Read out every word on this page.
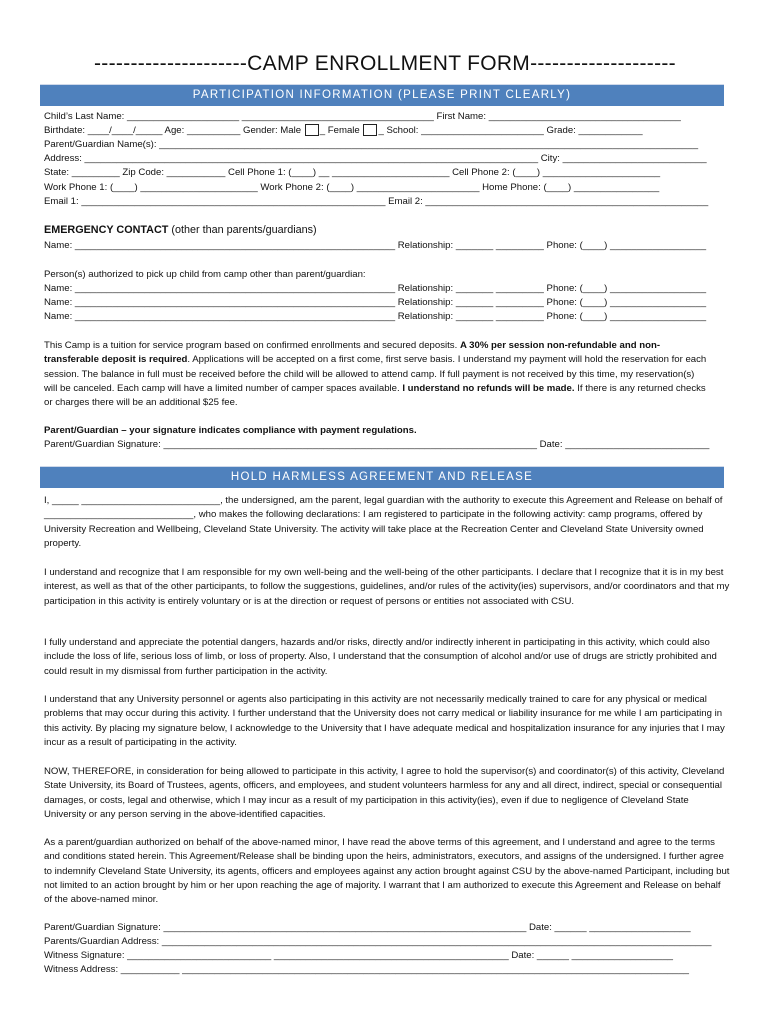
---------------------CAMP ENROLLMENT FORM--------------------
PARTICIPATION INFORMATION (PLEASE PRINT CLEARLY)
Child’s Last Name: _____________________ ____________________________________ First Name: ____________________________________
Birthdate: ____/____/_____ Age: __________ Gender: Male _ Female _ School: _______________________ Grade: ____________
Parent/Guardian Name(s): _____________________________________________________________________________________________________
Address: _____________________________________________________________________________________ City: ___________________________
State: _________ Zip Code: ___________ Cell Phone 1: (____) __ ______________________ Cell Phone 2: (____) ______________________
Work Phone 1: (____) ______________________ Work Phone 2: (____) _______________________ Home Phone: (____) ________________
Email 1: _________________________________________________________ Email 2: _____________________________________________________
EMERGENCY CONTACT (other than parents/guardians)
Name: ____________________________________________________________ Relationship: _______ _________ Phone: (____) __________________
Person(s) authorized to pick up child from camp other than parent/guardian:
Name: ____________________________________________________________ Relationship: _______ _________ Phone: (____) __________________
Name: ____________________________________________________________ Relationship: _______ _________ Phone: (____) __________________
Name: ____________________________________________________________ Relationship: _______ _________ Phone: (____) __________________
This Camp is a tuition for service program based on confirmed enrollments and secured deposits. A 30% per session non-refundable and non-transferable deposit is required. Applications will be accepted on a first come, first serve basis. I understand my payment will hold the reservation for each session. The balance in full must be received before the child will be allowed to attend camp. If full payment is not received by this time, my reservation(s) will be canceled. Each camp will have a limited number of camper spaces available. I understand no refunds will be made. If there is any returned checks or charges there will be an additional $25 fee.
Parent/Guardian – your signature indicates compliance with payment regulations.
Parent/Guardian Signature: ______________________________________________________________________ Date: ___________________________
HOLD HARMLESS AGREEMENT AND RELEASE
I, _____ __________________________, the undersigned, am the parent, legal guardian with the authority to execute this Agreement and Release on behalf of ____________________________, who makes the following declarations: I am registered to participate in the following activity: camp programs, offered by University Recreation and Wellbeing, Cleveland State University. The activity will take place at the Recreation Center and Cleveland State University owned property.
I understand and recognize that I am responsible for my own well-being and the well-being of the other participants. I declare that I recognize that it is in my best interest, as well as that of the other participants, to follow the suggestions, guidelines, and/or rules of the activity(ies) supervisors, and/or coordinators and that my participation in this activity is entirely voluntary or is at the direction or request of persons or entities not associated with CSU.
I fully understand and appreciate the potential dangers, hazards and/or risks, directly and/or indirectly inherent in participating in this activity, which could also include the loss of life, serious loss of limb, or loss of property. Also, I understand that the consumption of alcohol and/or use of drugs are strictly prohibited and could result in my dismissal from further participation in the activity.
I understand that any University personnel or agents also participating in this activity are not necessarily medically trained to care for any physical or medical problems that may occur during this activity. I further understand that the University does not carry medical or liability insurance for me while I am participating in this activity. By placing my signature below, I acknowledge to the University that I have adequate medical and hospitalization insurance for any injuries that I may incur as a result of participating in the activity.
NOW, THEREFORE, in consideration for being allowed to participate in this activity, I agree to hold the supervisor(s) and coordinator(s) of this activity, Cleveland State University, its Board of Trustees, agents, officers, and employees, and student volunteers harmless for any and all direct, indirect, special or consequential damages, or costs, legal and otherwise, which I may incur as a result of my participation in this activity(ies), even if due to negligence of Cleveland State University or any person serving in the above-identified capacities.
As a parent/guardian authorized on behalf of the above-named minor, I have read the above terms of this agreement, and I understand and agree to the terms and conditions stated herein. This Agreement/Release shall be binding upon the heirs, administrators, executors, and assigns of the undersigned. I further agree to indemnify Cleveland State University, its agents, officers and employees against any action brought against CSU by the above-named Participant, including but not limited to an action brought by him or her upon reaching the age of majority. I warrant that I am authorized to execute this Agreement and Release on behalf of the above-named minor.
Parent/Guardian Signature: ____________________________________________________________________ Date: ______ ___________________
Parents/Guardian Address: _______________________________________________________________________________________________________
Witness Signature: ___________________________ ____________________________________________ Date: ______ ___________________
Witness Address: ___________ _______________________________________________________________________________________________
